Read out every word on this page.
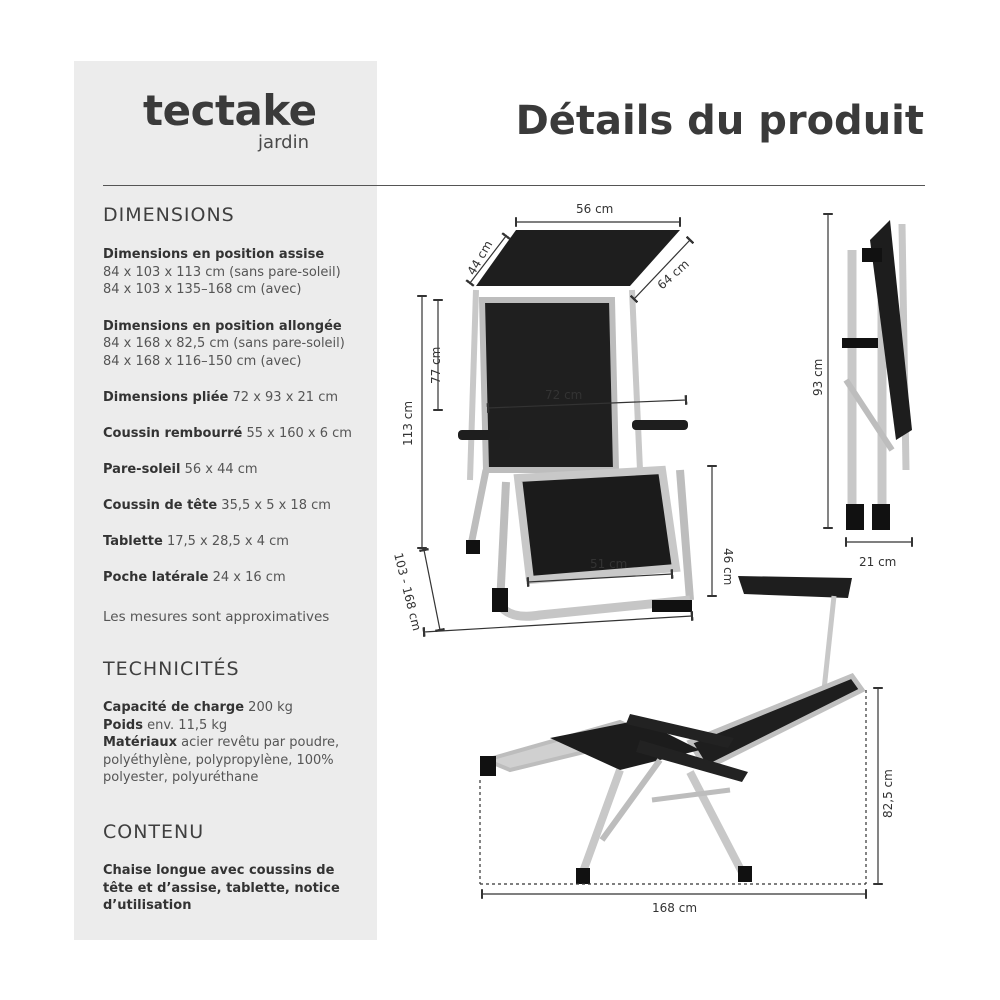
tectake
jardin	Détails du produit
DIMENSIONS
Dimensions en position assise
84 x 103 x 113 cm (sans pare-soleil)
84 x 103 x 135–168 cm (avec)
Dimensions en position allongée
84 x 168 x 82,5 cm (sans pare-soleil)
84 x 168 x 116–150 cm (avec)
Dimensions pliée 72 x 93 x 21 cm
Coussin rembourré 55 x 160 x 6 cm
Pare-soleil 56 x 44 cm
Coussin de tête 35,5 x 5 x 18 cm
Tablette 17,5 x 28,5 x 4 cm
Poche latérale 24 x 16 cm
Les mesures sont approximatives
TECHNICITÉS
Capacité de charge 200 kg
Poids env. 11,5 kg
Matériaux acier revêtu par poudre, polyéthylène, polypropylène, 100% polyester, polyuréthane
CONTENU
Chaise longue avec coussins de tête et d’assise, tablette, notice d’utilisation
56 cm
44 cm	64 cm
77 cm
113 cm
72 cm
46 cm
51 cm
103 - 168 cm
93 cm
21 cm
82,5 cm
168 cm
